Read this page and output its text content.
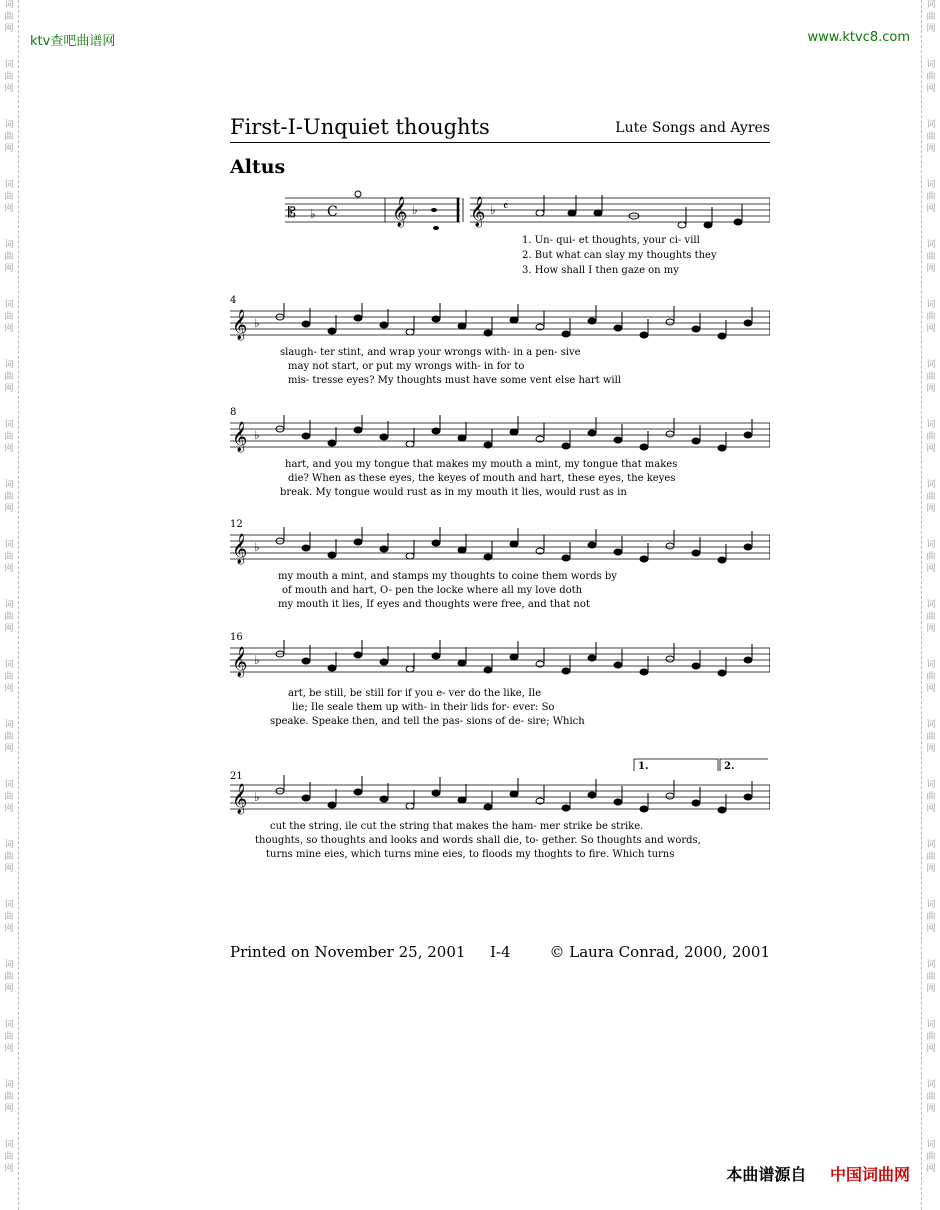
ktv查吧曲谱网	www.ktvc8.com
First-I-Unquiet thoughts	Lute Songs and Ayres
Altus
𝄡 ♭ C 𝄞 ♭ 𝄞 ♭ 𝄴
1. Un- qui- et thoughts, your ci- vill
2. But what can slay my thoughts they
3. How shall I then gaze on my
4
𝄞 ♭
slaugh- ter stint, and wrap your wrongs with- in a pen- sive
may not start, or put my wrongs with- in for to
mis- tresse eyes? My thoughts must have some vent else hart will
8
𝄞 ♭
hart, and you my tongue that makes my mouth a mint, my tongue that makes
die? When as these eyes, the keyes of mouth and hart, these eyes, the keyes
break. My tongue would rust as in my mouth it lies, would rust as in
12
𝄞 ♭
my mouth a mint, and stamps my thoughts to coine them words by
of mouth and hart, O- pen the locke where all my love doth
my mouth it lies, If eyes and thoughts were free, and that not
16
𝄞 ♭
art, be still, be still for if you e- ver do the like, Ile
lie; Ile seale them up with- in their lids for- ever: So
speake. Speake then, and tell the pas- sions of de- sire; Which
21
1.	2.
𝄞 ♭
cut the string, ile cut the string that makes the ham- mer strike be strike.
thoughts, so thoughts and looks and words shall die, to- gether. So thoughts and words,
turns mine eies, which turns mine eies, to floods my thoghts to fire. Which turns
Printed on November 25, 2001 I-4	© Laura Conrad, 2000, 2001
本曲谱源自 中国词曲网
词
曲
网
词
曲
网
词
曲
网
词
曲
网
词
曲
网
词
曲
网
词
曲
网
词
曲
网
词
曲
网
词
曲
网
词
曲
网
词
曲
网
词
曲
网
词
曲
网
词
曲
网
词
曲
网
词
曲
网
词
曲
网
词
曲
网
词
曲
网
词
曲
网
词
曲
网
词
曲
网
词
曲
网
词
曲
网
词
曲
网
词
曲
网
词
曲
网
词
曲
网
词
曲
网
词
曲
网
词
曲
网
词
曲
网
词
曲
网
词
曲
网
词
曲
网
词
曲
网
词
曲
网
词
曲
网
词
曲
网
